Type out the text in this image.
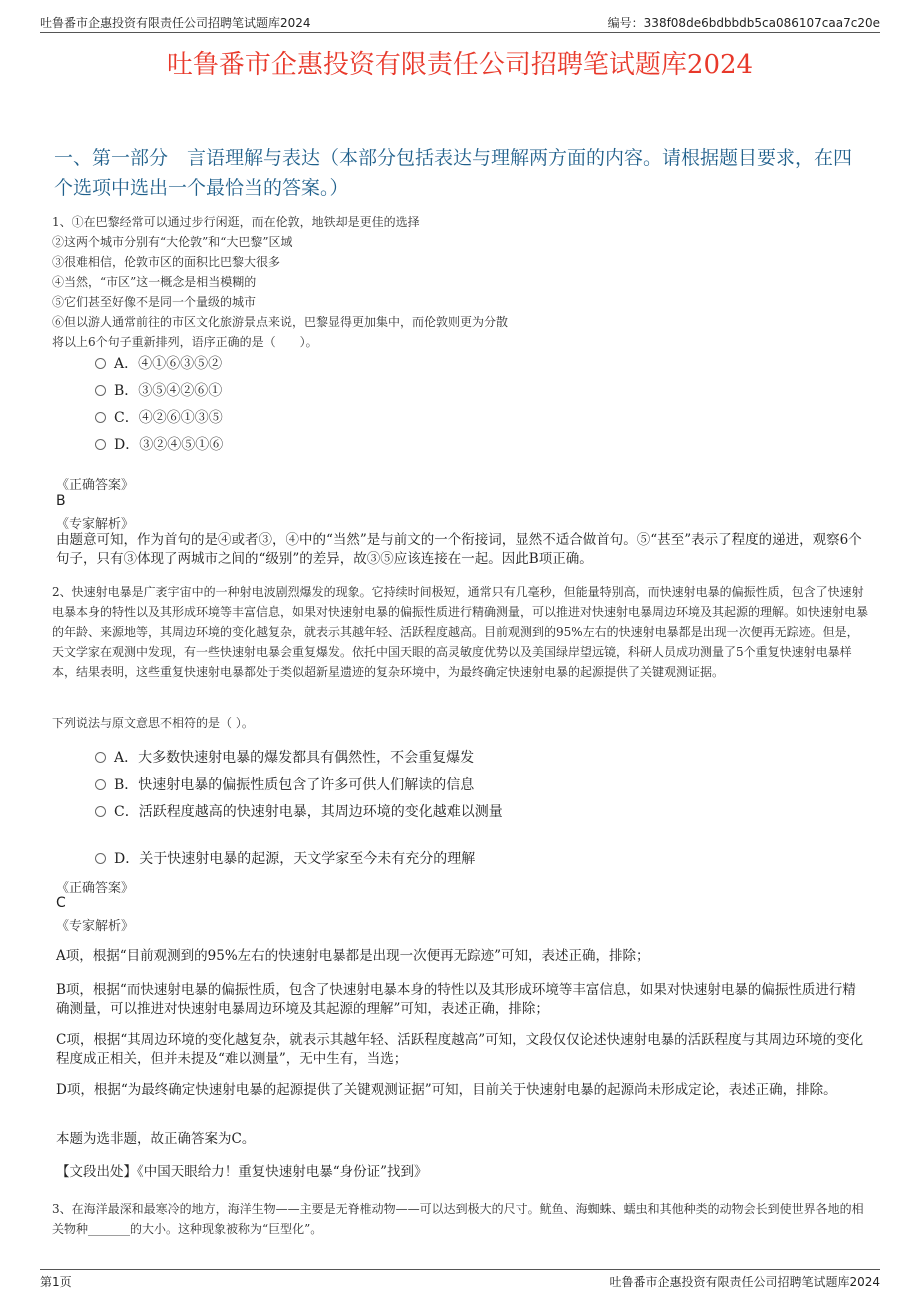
吐鲁番市企惠投资有限责任公司招聘笔试题库2024	编号：338f08de6bdbbdb5ca086107caa7c20e
吐鲁番市企惠投资有限责任公司招聘笔试题库2024
一、第一部分　言语理解与表达（本部分包括表达与理解两方面的内容。请根据题目要求，在四个选项中选出一个最恰当的答案。）
1、①在巴黎经常可以通过步行闲逛，而在伦敦，地铁却是更佳的选择
②这两个城市分别有“大伦敦”和“大巴黎”区域
③很难相信，伦敦市区的面积比巴黎大很多
④当然，“市区”这一概念是相当模糊的
⑤它们甚至好像不是同一个量级的城市
⑥但以游人通常前往的市区文化旅游景点来说，巴黎显得更加集中，而伦敦则更为分散
将以上6个句子重新排列，语序正确的是（　　）。
A．④①⑥③⑤②
B．③⑤④②⑥①
C．④②⑥①③⑤
D．③②④⑤①⑥
《正确答案》
B
《专家解析》
由题意可知，作为首句的是④或者③，④中的“当然”是与前文的一个衔接词，显然不适合做首句。⑤“甚至”表示了程度的递进，观察6个句子，只有③体现了两城市之间的“级别”的差异，故③⑤应该连接在一起。因此B项正确。
2、快速射电暴是广袤宇宙中的一种射电波剧烈爆发的现象。它持续时间极短，通常只有几毫秒，但能量特别高，而快速射电暴的偏振性质，包含了快速射电暴本身的特性以及其形成环境等丰富信息，如果对快速射电暴的偏振性质进行精确测量，可以推进对快速射电暴周边环境及其起源的理解。如快速射电暴的年龄、来源地等，其周边环境的变化越复杂，就表示其越年轻、活跃程度越高。目前观测到的95%左右的快速射电暴都是出现一次便再无踪迹。但是，天文学家在观测中发现，有一些快速射电暴会重复爆发。依托中国天眼的高灵敏度优势以及美国绿岸望远镜，科研人员成功测量了5个重复快速射电暴样本，结果表明，这些重复快速射电暴都处于类似超新星遗迹的复杂环境中，为最终确定快速射电暴的起源提供了关键观测证据。
下列说法与原文意思不相符的是（ ）。
A．大多数快速射电暴的爆发都具有偶然性，不会重复爆发
B．快速射电暴的偏振性质包含了许多可供人们解读的信息
C．活跃程度越高的快速射电暴，其周边环境的变化越难以测量
D．关于快速射电暴的起源，天文学家至今未有充分的理解
《正确答案》
C
《专家解析》
A项，根据“目前观测到的95%左右的快速射电暴都是出现一次便再无踪迹”可知，表述正确，排除；
B项，根据“而快速射电暴的偏振性质，包含了快速射电暴本身的特性以及其形成环境等丰富信息，如果对快速射电暴的偏振性质进行精确测量，可以推进对快速射电暴周边环境及其起源的理解”可知，表述正确，排除；
C项，根据“其周边环境的变化越复杂，就表示其越年轻、活跃程度越高”可知，文段仅仅论述快速射电暴的活跃程度与其周边环境的变化程度成正相关，但并未提及“难以测量”，无中生有，当选；
D项，根据“为最终确定快速射电暴的起源提供了关键观测证据”可知，目前关于快速射电暴的起源尚未形成定论，表述正确，排除。
本题为选非题，故正确答案为C。
【文段出处】《中国天眼给力！重复快速射电暴“身份证”找到》
3、在海洋最深和最寒冷的地方，海洋生物——主要是无脊椎动物——可以达到极大的尺寸。鱿鱼、海蜘蛛、蠕虫和其他种类的动物会长到使世界各地的相关物种_______的大小。这种现象被称为“巨型化”。
第1页	吐鲁番市企惠投资有限责任公司招聘笔试题库2024
